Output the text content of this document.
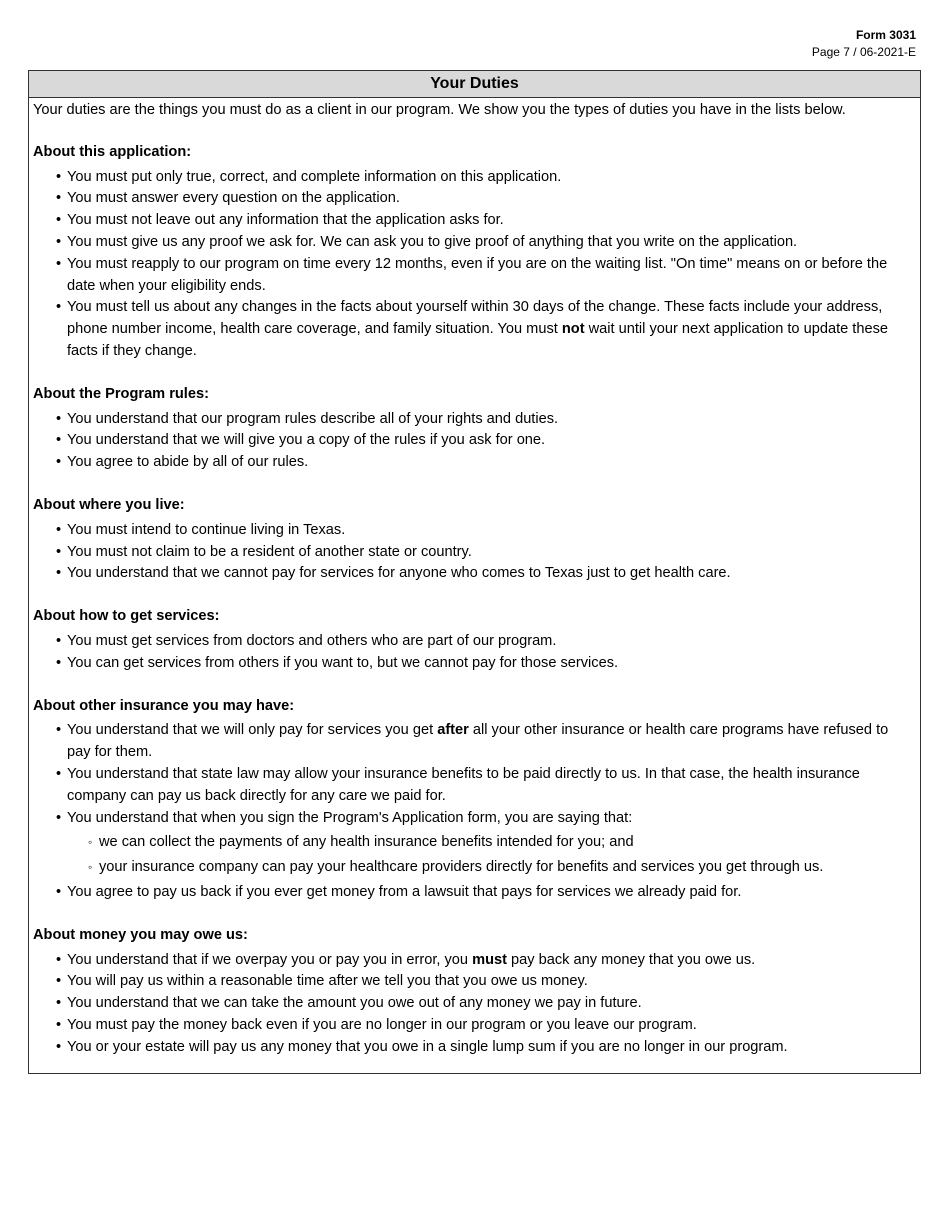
Form 3031
Page 7 / 06-2021-E
Your Duties

Your duties are the things you must do as a client in our program. We show you the types of duties you have in the lists below.

About this application:
• You must put only true, correct, and complete information on this application.
• You must answer every question on the application.
• You must not leave out any information that the application asks for.
• You must give us any proof we ask for. We can ask you to give proof of anything that you write on the application.
• You must reapply to our program on time every 12 months, even if you are on the waiting list. "On time" means on or before the date when your eligibility ends.
• You must tell us about any changes in the facts about yourself within 30 days of the change. These facts include your address, phone number income, health care coverage, and family situation. You must not wait until your next application to update these facts if they change.
About the Program rules:
• You understand that our program rules describe all of your rights and duties.
• You understand that we will give you a copy of the rules if you ask for one.
• You agree to abide by all of our rules.
About where you live:
• You must intend to continue living in Texas.
• You must not claim to be a resident of another state or country.
• You understand that we cannot pay for services for anyone who comes to Texas just to get health care.
About how to get services:
• You must get services from doctors and others who are part of our program.
• You can get services from others if you want to, but we cannot pay for those services.
About other insurance you may have:
• You understand that we will only pay for services you get after all your other insurance or health care programs have refused to pay for them.
• You understand that state law may allow your insurance benefits to be paid directly to us. In that case, the health insurance company can pay us back directly for any care we paid for.
• You understand that when you sign the Program's Application form, you are saying that:
◦ we can collect the payments of any health insurance benefits intended for you; and
◦ your insurance company can pay your healthcare providers directly for benefits and services you get through us.
• You agree to pay us back if you ever get money from a lawsuit that pays for services we already paid for.
About money you may owe us:
• You understand that if we overpay you or pay you in error, you must pay back any money that you owe us.
• You will pay us within a reasonable time after we tell you that you owe us money.
• You understand that we can take the amount you owe out of any money we pay in future.
• You must pay the money back even if you are no longer in our program or you leave our program.
• You or your estate will pay us any money that you owe in a single lump sum if you are no longer in our program.
